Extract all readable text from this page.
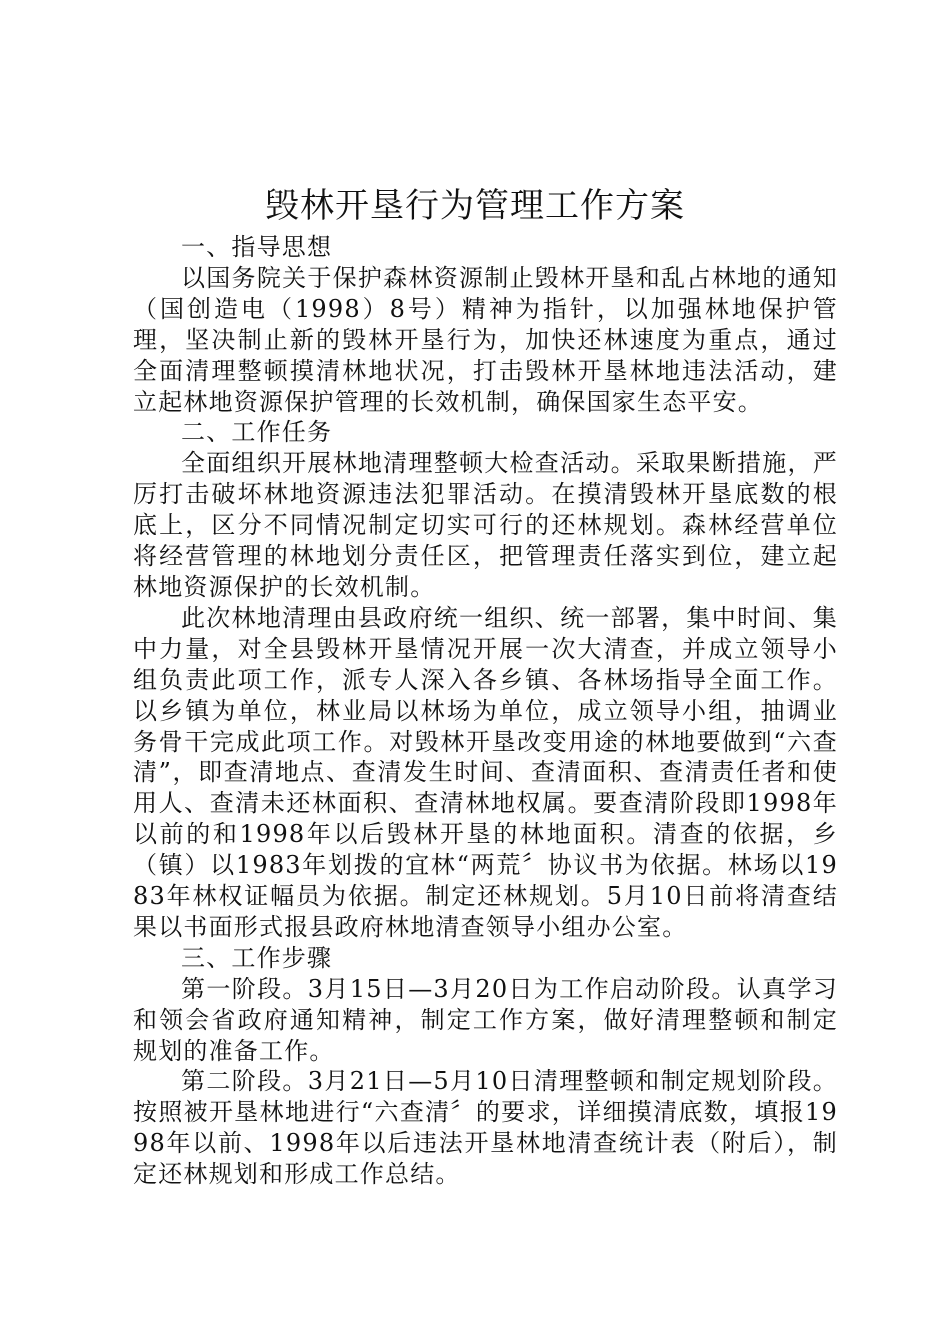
毁林开垦行为管理工作方案

一、指导思想

以国务院关于保护森林资源制止毁林开垦和乱占林地的通知（国创造电（1998）8号）精神为指针，以加强林地保护管理，坚决制止新的毁林开垦行为，加快还林速度为重点，通过全面清理整顿摸清林地状况，打击毁林开垦林地违法活动，建立起林地资源保护管理的长效机制，确保国家生态平安。

二、工作任务

全面组织开展林地清理整顿大检查活动。采取果断措施，严厉打击破坏林地资源违法犯罪活动。在摸清毁林开垦底数的根底上，区分不同情况制定切实可行的还林规划。森林经营单位将经营管理的林地划分责任区，把管理责任落实到位，建立起林地资源保护的长效机制。

此次林地清理由县政府统一组织、统一部署，集中时间、集中力量，对全县毁林开垦情况开展一次大清查，并成立领导小组负责此项工作，派专人深入各乡镇、各林场指导全面工作。以乡镇为单位，林业局以林场为单位，成立领导小组，抽调业务骨干完成此项工作。对毁林开垦改变用途的林地要做到“六查清”，即查清地点、查清发生时间、查清面积、查清责任者和使用人、查清未还林面积、查清林地权属。要查清阶段即1998年以前的和1998年以后毁林开垦的林地面积。清查的依据，乡（镇）以1983年划拨的宜林“两荒〞协议书为依据。林场以1983年林权证幅员为依据。制定还林规划。5月10日前将清查结果以书面形式报县政府林地清查领导小组办公室。

三、工作步骤

第一阶段。3月15日—3月20日为工作启动阶段。认真学习和领会省政府通知精神，制定工作方案，做好清理整顿和制定规划的准备工作。

第二阶段。3月21日—5月10日清理整顿和制定规划阶段。按照被开垦林地进行“六查清〞的要求，详细摸清底数，填报1998年以前、1998年以后违法开垦林地清查统计表（附后），制定还林规划和形成工作总结。
